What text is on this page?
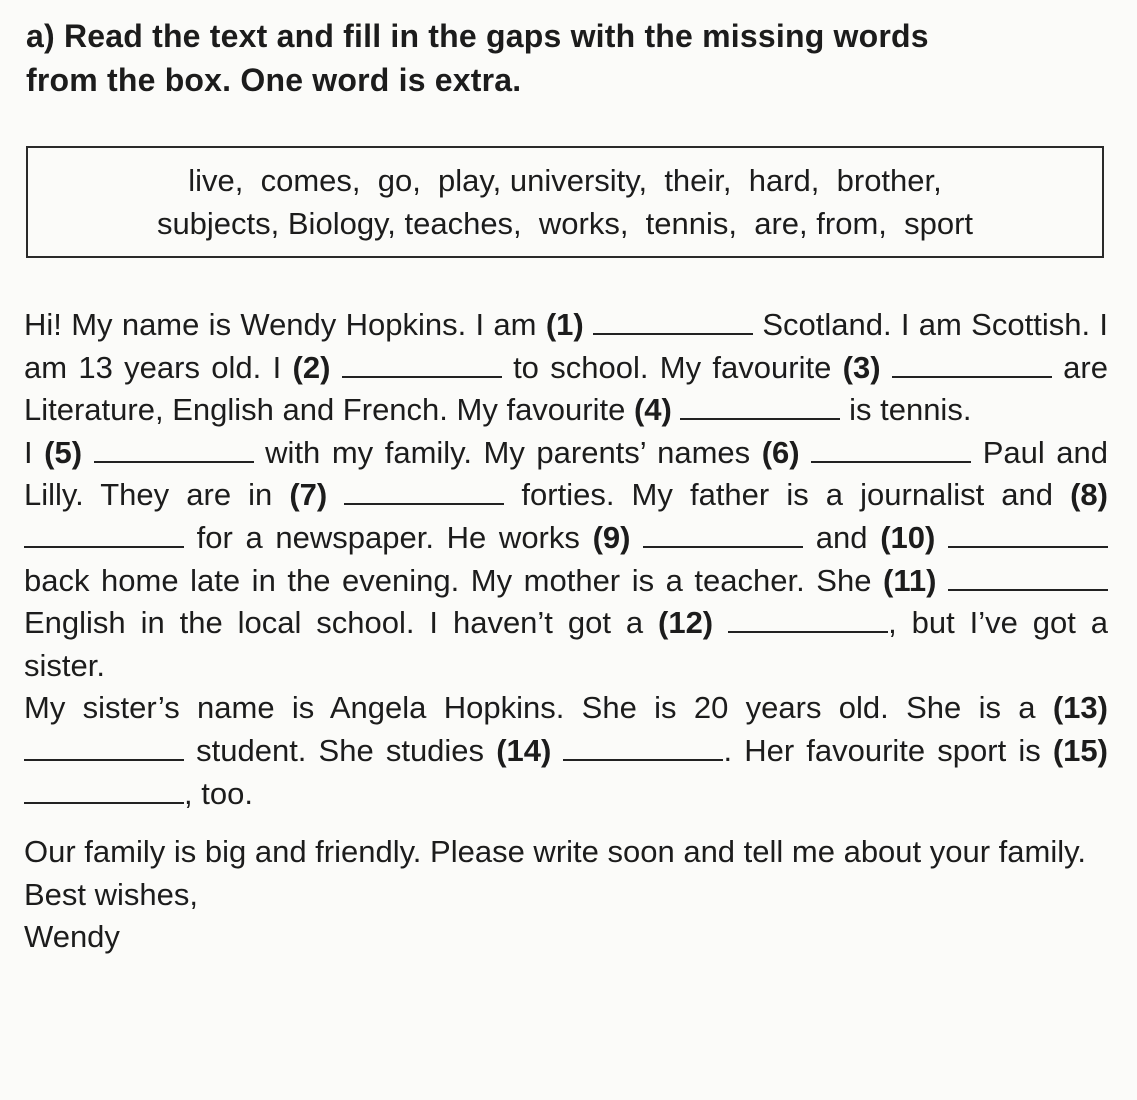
a) Read the text and fill in the gaps with the missing words
from the box. One word is extra.
live,  comes,  go,  play, university,  their,  hard,  brother,
subjects, Biology, teaches,  works,  tennis,  are, from,  sport
Hi! My name is Wendy Hopkins. I am (1)	Scotland. I am Scottish. I am 13 years old. I (2)	to school. My favourite (3)	are Literature, English and French. My favourite (4)	is tennis.
I (5)	with my family. My parents’ names (6)	Paul and Lilly. They are in (7)	forties. My father is a journalist and (8)  for a newspaper. He works (9)	and (10)  back home late in the evening. My mother is a teacher. She (11)  English in the local school. I haven’t got a (12)	, but I’ve got a sister.
My sister’s name is Angela Hopkins. She is 20 years old. She is a (13)  student. She studies (14)	. Her favourite sport is (15) , too.
Our family is big and friendly. Please write soon and tell me about your family.
Best wishes,
Wendy
